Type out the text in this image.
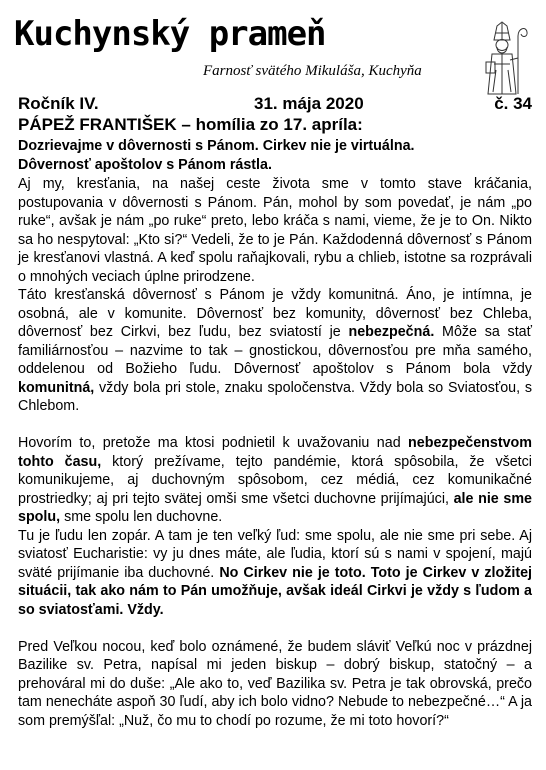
Kuchynský prameň
Farnosť svätého Mikuláša, Kuchyňa
Ročník IV.	31. mája 2020	č. 34
PÁPEŽ FRANTIŠEK – homília zo 17. apríla:
Dozrievajme v dôvernosti s Pánom. Cirkev nie je virtuálna.
Dôvernosť apoštolov s Pánom rástla.

Aj my, kresťania, na našej ceste života sme v tomto stave kráčania, postupovania v dôvernosti s Pánom. Pán, mohol by som povedať, je nám „po ruke“, avšak je nám „po ruke“ preto, lebo kráča s nami, vieme, že je to On. Nikto sa ho nespytoval: „Kto si?“ Vedeli, že to je Pán. Každodenná dôvernosť s Pánom je kresťanovi vlastná. A keď spolu raňajkovali, rybu a chlieb, istotne sa rozprávali o mnohých veciach úplne prirodzene.

Táto kresťanská dôvernosť s Pánom je vždy komunitná. Áno, je intímna, je osobná, ale v komunite. Dôvernosť bez komunity, dôvernosť bez Chleba, dôvernosť bez Cirkvi, bez ľudu, bez sviatostí je nebezpečná. Môže sa stať familiárnosťou – nazvime to tak – gnostickou, dôvernosťou pre mňa samého, oddelenou od Božieho ľudu. Dôvernosť apoštolov s Pánom bola vždy komunitná, vždy bola pri stole, znaku spoločenstva. Vždy bola so Sviatosťou, s Chlebom.

Hovorím to, pretože ma ktosi podnietil k uvažovaniu nad nebezpečenstvom tohto času, ktorý prežívame, tejto pandémie, ktorá spôsobila, že všetci komunikujeme, aj duchovným spôsobom, cez médiá, cez komunikačné prostriedky; aj pri tejto svätej omši sme všetci duchovne prijímajúci, ale nie sme spolu, sme spolu len duchovne.

Tu je ľudu len zopár. A tam je ten veľký ľud: sme spolu, ale nie sme pri sebe. Aj sviatosť Eucharistie: vy ju dnes máte, ale ľudia, ktorí sú s nami v spojení, majú sväté prijímanie iba duchovné. No Cirkev nie je toto. Toto je Cirkev v zložitej situácii, tak ako nám to Pán umožňuje, avšak ideál Cirkvi je vždy s ľudom a so sviatosťami. Vždy.

Pred Veľkou nocou, keď bolo oznámené, že budem sláviť Veľkú noc v prázdnej Bazilike sv. Petra, napísal mi jeden biskup – dobrý biskup, statočný – a prehováral mi do duše: „Ale ako to, veď Bazilika sv. Petra je tak obrovská, prečo tam nenecháte aspoň 30 ľudí, aby ich bolo vidno? Nebude to nebezpečné…“ A ja som premýšľal: „Nuž, čo mu to chodí po rozume, že mi toto hovorí?“
